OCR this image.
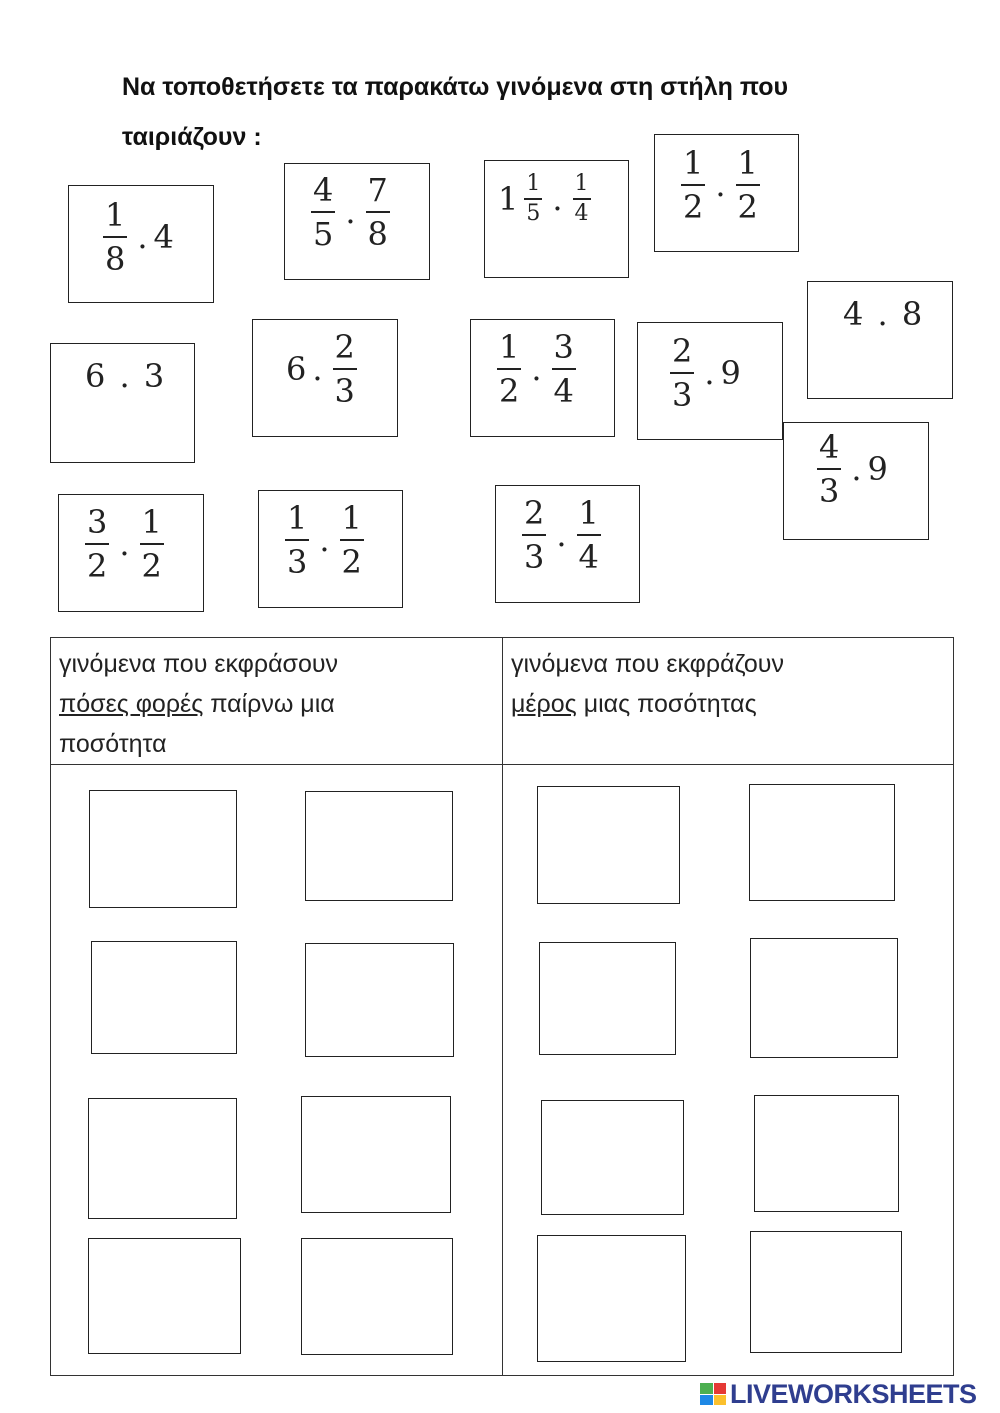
Να τοποθετήσετε τα παρακάτω γινόμενα στη στήλη που
ταιριάζουν :
$\frac{1}{8}$ . 4	$\frac{4}{5}$ . $\frac{7}{8}$	$1 \frac{1}{5}$ . $\frac{1}{4}$	$\frac{1}{2}$ . $\frac{1}{2}$
6 . 3	6 . $\frac{2}{3}$	$\frac{1}{2}$ . $\frac{3}{4}$	$\frac{2}{3}$ . 9
4 . 8
$\frac{4}{3}$ . 9
$\frac{3}{2}$ . $\frac{1}{2}$	$\frac{1}{3}$ . $\frac{1}{2}$	$\frac{2}{3}$ . $\frac{1}{4}$
γινόμενα που εκφράσουν
πόσες φορές παίρνω μια
ποσότητα	γινόμενα που εκφράζουν
μέρος μιας ποσότητας

LIVEWORKSHEETS
